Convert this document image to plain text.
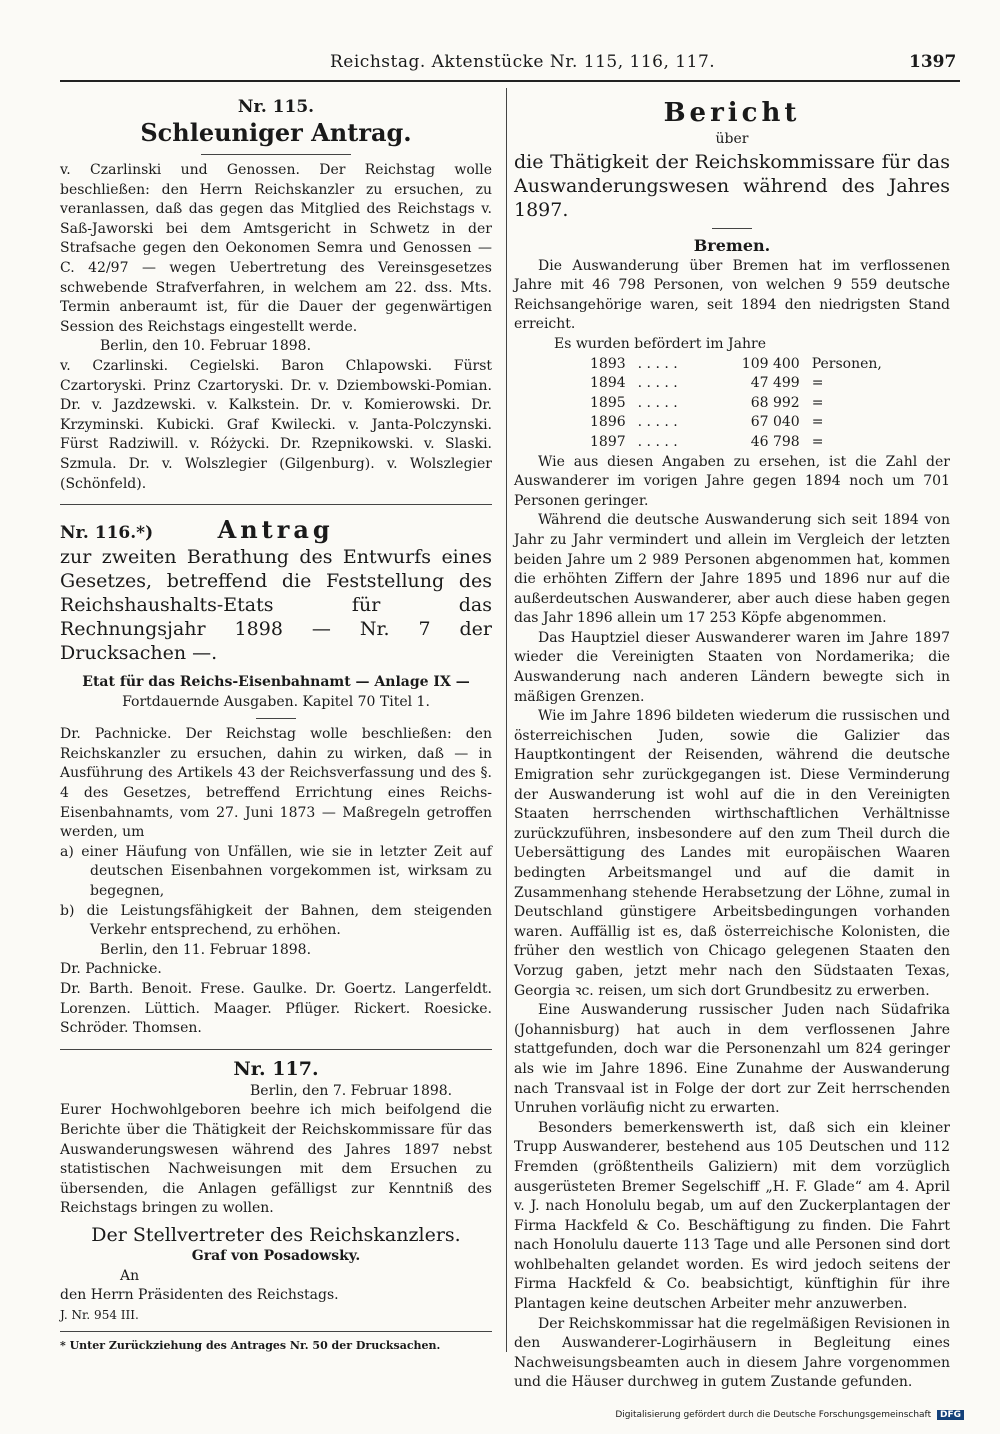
Reichstag. Aktenstücke Nr. 115, 116, 117.	1397
Nr. 115.
Schleuniger Antrag.

v. Czarlinski und Genossen. Der Reichstag wolle beschließen: den Herrn Reichskanzler zu ersuchen, zu veranlassen, daß das gegen das Mitglied des Reichstags v. Saß-Jaworski bei dem Amtsgericht in Schwetz in der Strafsache gegen den Oekonomen Semra und Genossen — C. 42/97 — wegen Uebertretung des Vereinsgesetzes schwebende Strafverfahren, in welchem am 22. dss. Mts. Termin anberaumt ist, für die Dauer der gegenwärtigen Session des Reichstags eingestellt werde.

Berlin, den 10. Februar 1898.

v. Czarlinski. Cegielski. Baron Chlapowski. Fürst Czartoryski. Prinz Czartoryski. Dr. v. Dziembowski-Pomian. Dr. v. Jazdzewski. v. Kalkstein. Dr. v. Komierowski. Dr. Krzyminski. Kubicki. Graf Kwilecki. v. Janta-Polczynski. Fürst Radziwill. v. Różycki. Dr. Rzepnikowski. v. Slaski. Szmula. Dr. v. Wolszlegier (Gilgenburg). v. Wolszlegier (Schönfeld).

Nr. 116.*)	Antrag

zur zweiten Berathung des Entwurfs eines Gesetzes, betreffend die Feststellung des Reichshaushalts-Etats für das Rechnungsjahr 1898 — Nr. 7 der Drucksachen —.

Etat für das Reichs-Eisenbahnamt — Anlage IX —
Fortdauernde Ausgaben. Kapitel 70 Titel 1.

Dr. Pachnicke. Der Reichstag wolle beschließen: den Reichskanzler zu ersuchen, dahin zu wirken, daß — in Ausführung des Artikels 43 der Reichsverfassung und des §. 4 des Gesetzes, betreffend Errichtung eines Reichs-Eisenbahnamts, vom 27. Juni 1873 — Maßregeln getroffen werden, um

a) einer Häufung von Unfällen, wie sie in letzter Zeit auf deutschen Eisenbahnen vorgekommen ist, wirksam zu begegnen,

b) die Leistungsfähigkeit der Bahnen, dem steigenden Verkehr entsprechend, zu erhöhen.

Berlin, den 11. Februar 1898.

Dr. Pachnicke.

Dr. Barth. Benoit. Frese. Gaulke. Dr. Goertz. Langerfeldt. Lorenzen. Lüttich. Maager. Pflüger. Rickert. Roesicke. Schröder. Thomsen.

Nr. 117.

Berlin, den 7. Februar 1898.

Eurer Hochwohlgeboren beehre ich mich beifolgend die Berichte über die Thätigkeit der Reichskommissare für das Auswanderungswesen während des Jahres 1897 nebst statistischen Nachweisungen mit dem Ersuchen zu übersenden, die Anlagen gefälligst zur Kenntniß des Reichstags bringen zu wollen.

Der Stellvertreter des Reichskanzlers.
Graf von Posadowsky.

An

den Herrn Präsidenten des Reichstags.

J. Nr. 954 III.

* Unter Zurückziehung des Antrages Nr. 50 der Drucksachen.

Bericht
über

die Thätigkeit der Reichskommissare für das Auswanderungswesen während des Jahres 1897.

Bremen.

Die Auswanderung über Bremen hat im verflossenen Jahre mit 46 798 Personen, von welchen 9 559 deutsche Reichsangehörige waren, seit 1894 den niedrigsten Stand erreicht.

Es wurden befördert im Jahre

1893	. . . . .	109 400	Personen,
1894	. . . . .	47 499	=
1895	. . . . .	68 992	=
1896	. . . . .	67 040	=
1897	. . . . .	46 798	=

Wie aus diesen Angaben zu ersehen, ist die Zahl der Auswanderer im vorigen Jahre gegen 1894 noch um 701 Personen geringer.

Während die deutsche Auswanderung sich seit 1894 von Jahr zu Jahr vermindert und allein im Vergleich der letzten beiden Jahre um 2 989 Personen abgenommen hat, kommen die erhöhten Ziffern der Jahre 1895 und 1896 nur auf die außerdeutschen Auswanderer, aber auch diese haben gegen das Jahr 1896 allein um 17 253 Köpfe abgenommen.

Das Hauptziel dieser Auswanderer waren im Jahre 1897 wieder die Vereinigten Staaten von Nordamerika; die Auswanderung nach anderen Ländern bewegte sich in mäßigen Grenzen.

Wie im Jahre 1896 bildeten wiederum die russischen und österreichischen Juden, sowie die Galizier das Hauptkontingent der Reisenden, während die deutsche Emigration sehr zurückgegangen ist. Diese Verminderung der Auswanderung ist wohl auf die in den Vereinigten Staaten herrschenden wirthschaftlichen Verhältnisse zurückzuführen, insbesondere auf den zum Theil durch die Uebersättigung des Landes mit europäischen Waaren bedingten Arbeitsmangel und auf die damit in Zusammenhang stehende Herabsetzung der Löhne, zumal in Deutschland günstigere Arbeitsbedingungen vorhanden waren. Auffällig ist es, daß österreichische Kolonisten, die früher den westlich von Chicago gelegenen Staaten den Vorzug gaben, jetzt mehr nach den Südstaaten Texas, Georgia ꝛc. reisen, um sich dort Grundbesitz zu erwerben.

Eine Auswanderung russischer Juden nach Südafrika (Johannisburg) hat auch in dem verflossenen Jahre stattgefunden, doch war die Personenzahl um 824 geringer als wie im Jahre 1896. Eine Zunahme der Auswanderung nach Transvaal ist in Folge der dort zur Zeit herrschenden Unruhen vorläufig nicht zu erwarten.

Besonders bemerkenswerth ist, daß sich ein kleiner Trupp Auswanderer, bestehend aus 105 Deutschen und 112 Fremden (größtentheils Galiziern) mit dem vorzüglich ausgerüsteten Bremer Segelschiff „H. F. Glade“ am 4. April v. J. nach Honolulu begab, um auf den Zuckerplantagen der Firma Hackfeld & Co. Beschäftigung zu finden. Die Fahrt nach Honolulu dauerte 113 Tage und alle Personen sind dort wohlbehalten gelandet worden. Es wird jedoch seitens der Firma Hackfeld & Co. beabsichtigt, künftighin für ihre Plantagen keine deutschen Arbeiter mehr anzuwerben.

Der Reichskommissar hat die regelmäßigen Revisionen in den Auswanderer-Logirhäusern in Begleitung eines Nachweisungsbeamten auch in diesem Jahre vorgenommen und die Häuser durchweg in gutem Zustande gefunden.

Digitalisierung gefördert durch die Deutsche Forschungsgemeinschaft DFG
